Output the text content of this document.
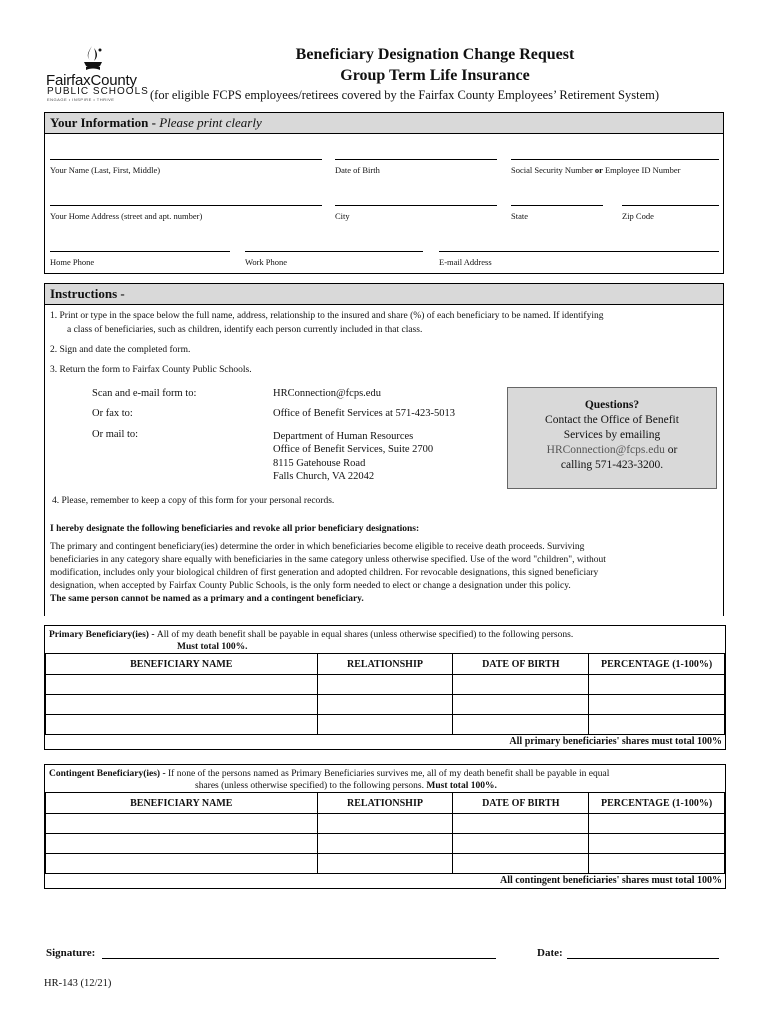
FairfaxCounty
PUBLIC SCHOOLS
ENGAGE • INSPIRE • THRIVE
Beneficiary Designation Change Request
Group Term Life Insurance
(for eligible FCPS employees/retirees covered by the Fairfax County Employees’ Retirement System)
Your Information - Please print clearly
Your Name (Last, First, Middle)	Date of Birth	Social Security Number or Employee ID Number
Your Home Address (street and apt. number)	City	State	Zip Code
Home Phone	Work Phone	E-mail Address
Instructions -
1. Print or type in the space below the full name, address, relationship to the insured and share (%) of each beneficiary to be named. If identifying
a class of beneficiaries, such as children, identify each person currently included in that class.
2. Sign and date the completed form.
3. Return the form to Fairfax County Public Schools.
Scan and e-mail form to:	HRConnection@fcps.edu
Or fax to:	Office of Benefit Services at 571-423-5013
Or mail to:	Department of Human Resources
Office of Benefit Services, Suite 2700
8115 Gatehouse Road
Falls Church, VA 22042
Questions?
Contact the Office of Benefit
Services by emailing
HRConnection@fcps.edu or
calling 571-423-3200.
4. Please, remember to keep a copy of this form for your personal records.
I hereby designate the following beneficiaries and revoke all prior beneficiary designations:
The primary and contingent beneficiary(ies) determine the order in which beneficiaries become eligible to receive death proceeds. Surviving
beneficiaries in any category share equally with beneficiaries in the same category unless otherwise specified. Use of the word "children", without
modification, includes only your biological children of first generation and adopted children. For revocable designations, this signed beneficiary
designation, when accepted by Fairfax County Public Schools, is the only form needed to elect or change a designation under this policy.
The same person cannot be named as a primary and a contingent beneficiary.
Primary Beneficiary(ies) - All of my death benefit shall be payable in equal shares (unless otherwise specified) to the following persons.
Must total 100%.
BENEFICIARY NAME	RELATIONSHIP	DATE OF BIRTH	PERCENTAGE (1-100%)

All primary beneficiaries' shares must total 100%
Contingent Beneficiary(ies) - If none of the persons named as Primary Beneficiaries survives me, all of my death benefit shall be payable in equal
shares (unless otherwise specified) to the following persons. Must total 100%.
BENEFICIARY NAME	RELATIONSHIP	DATE OF BIRTH	PERCENTAGE (1-100%)

All contingent beneficiaries' shares must total 100%
Signature:	Date:
HR-143 (12/21)
